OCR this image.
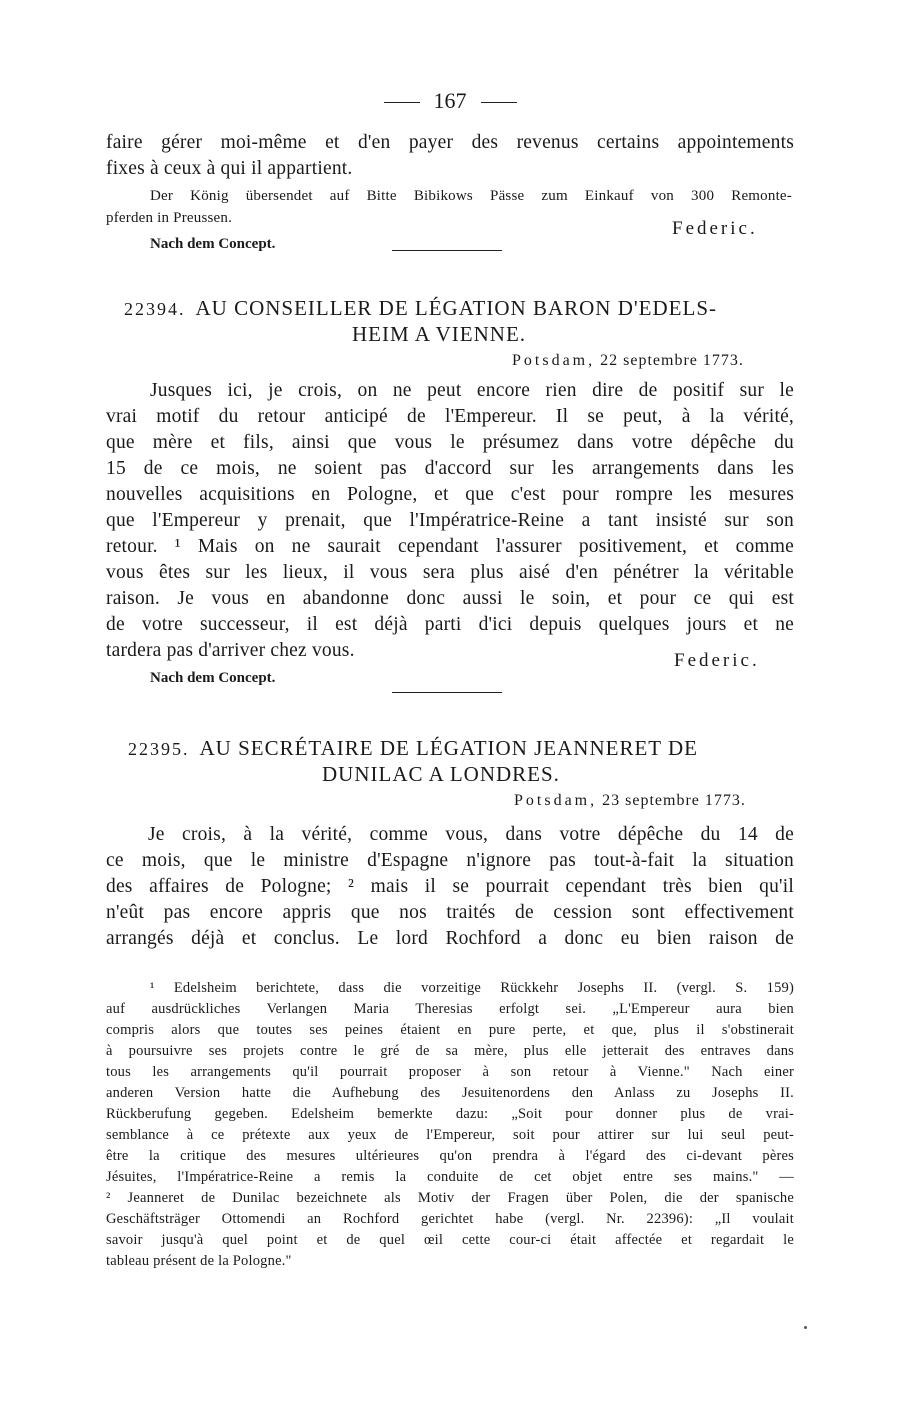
167
faire gérer moi-même et d'en payer des revenus certains appointements
fixes à ceux à qui il appartient.
Der König übersendet auf Bitte Bibikows Pässe zum Einkauf von 300 Remonte-
pferden in Preussen.	Federic.
Nach dem Concept.
22394. AU CONSEILLER DE LÉGATION BARON D'EDELS-
HEIM A VIENNE.
Potsdam, 22 septembre 1773.
Jusques ici, je crois, on ne peut encore rien dire de positif sur le
vrai motif du retour anticipé de l'Empereur. Il se peut, à la vérité,
que mère et fils, ainsi que vous le présumez dans votre dépêche du
15 de ce mois, ne soient pas d'accord sur les arrangements dans les
nouvelles acquisitions en Pologne, et que c'est pour rompre les mesures
que l'Empereur y prenait, que l'Impératrice-Reine a tant insisté sur son
retour. ¹ Mais on ne saurait cependant l'assurer positivement, et comme
vous êtes sur les lieux, il vous sera plus aisé d'en pénétrer la véritable
raison. Je vous en abandonne donc aussi le soin, et pour ce qui est
de votre successeur, il est déjà parti d'ici depuis quelques jours et ne
tardera pas d'arriver chez vous.	Federic.
Nach dem Concept.
22395. AU SECRÉTAIRE DE LÉGATION JEANNERET DE
DUNILAC A LONDRES.
Potsdam, 23 septembre 1773.
Je crois, à la vérité, comme vous, dans votre dépêche du 14 de
ce mois, que le ministre d'Espagne n'ignore pas tout-à-fait la situation
des affaires de Pologne; ² mais il se pourrait cependant très bien qu'il
n'eût pas encore appris que nos traités de cession sont effectivement
arrangés déjà et conclus. Le lord Rochford a donc eu bien raison de
¹ Edelsheim berichtete, dass die vorzeitige Rückkehr Josephs II. (vergl. S. 159)
auf ausdrückliches Verlangen Maria Theresias erfolgt sei. „L'Empereur aura bien
compris alors que toutes ses peines étaient en pure perte, et que, plus il s'obstinerait
à poursuivre ses projets contre le gré de sa mère, plus elle jetterait des entraves dans
tous les arrangements qu'il pourrait proposer à son retour à Vienne." Nach einer
anderen Version hatte die Aufhebung des Jesuitenordens den Anlass zu Josephs II.
Rückberufung gegeben. Edelsheim bemerkte dazu: „Soit pour donner plus de vrai-
semblance à ce prétexte aux yeux de l'Empereur, soit pour attirer sur lui seul peut-
être la critique des mesures ultérieures qu'on prendra à l'égard des ci-devant pères
Jésuites, l'Impératrice-Reine a remis la conduite de cet objet entre ses mains." —
² Jeanneret de Dunilac bezeichnete als Motiv der Fragen über Polen, die der spanische
Geschäftsträger Ottomendi an Rochford gerichtet habe (vergl. Nr. 22396): „Il voulait
savoir jusqu'à quel point et de quel œil cette cour-ci était affectée et regardait le
tableau présent de la Pologne."
